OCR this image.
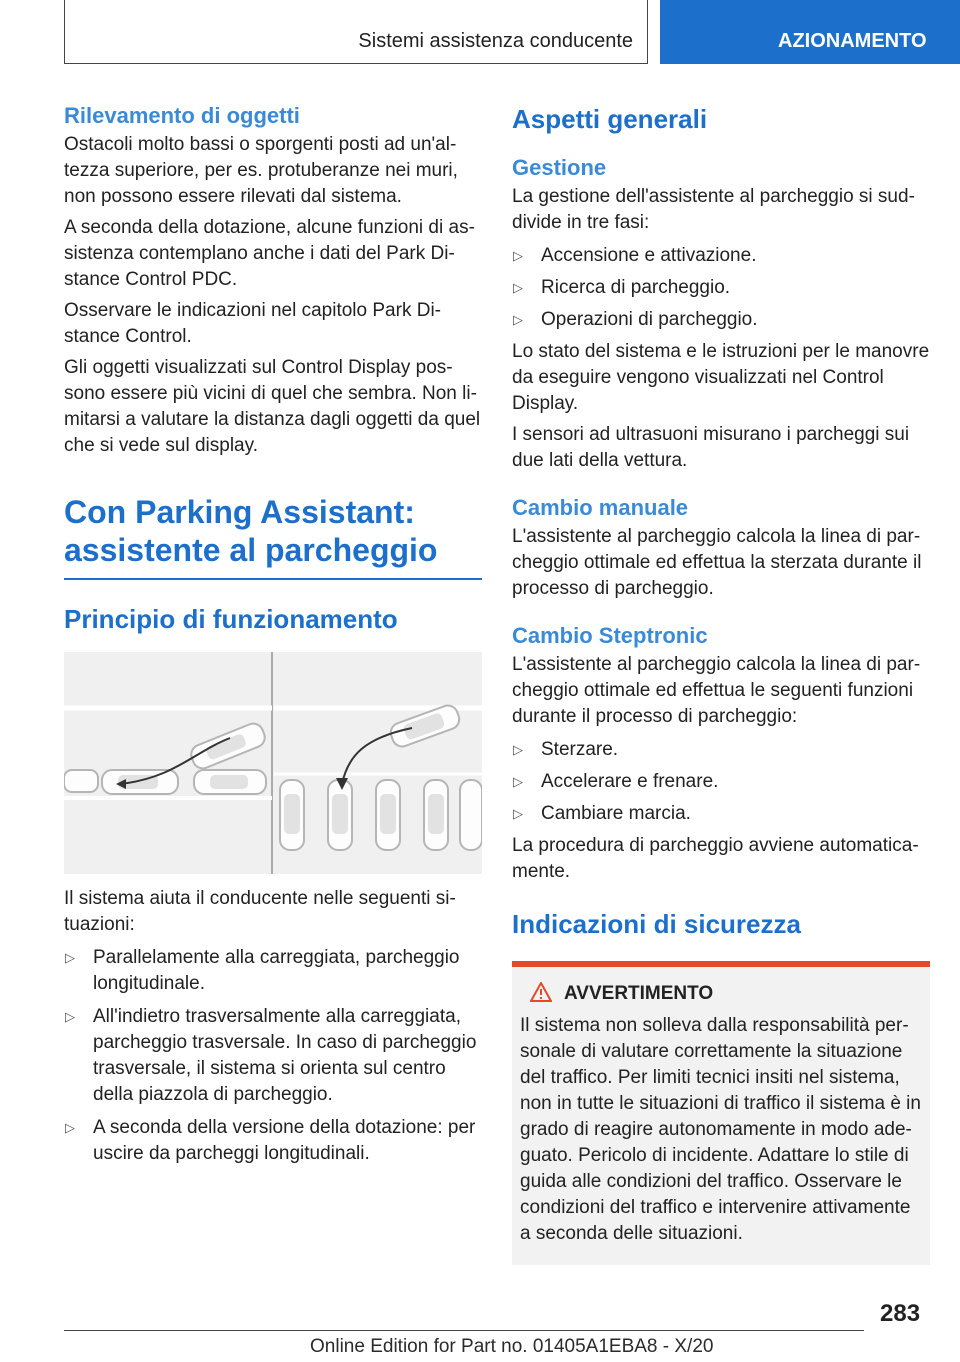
Sistemi assistenza conducente	AZIONAMENTO
Rilevamento di oggetti

Ostacoli molto bassi o sporgenti posti ad un'altezza superiore, per es. protuberanze nei muri, non possono essere rilevati dal sistema.

A seconda della dotazione, alcune funzioni di assistenza contemplano anche i dati del Park Distance Control PDC.

Osservare le indicazioni nel capitolo Park Distance Control.

Gli oggetti visualizzati sul Control Display possono essere più vicini di quel che sembra. Non limitarsi a valutare la distanza dagli oggetti da quel che si vede sul display.

Con Parking Assistant: assistente al parcheggio
Principio di funzionamento

Il sistema aiuta il conducente nelle seguenti situazioni:

▷ Parallelamente alla carreggiata, parcheggio longitudinale.
▷ All'indietro trasversalmente alla carreggiata, parcheggio trasversale. In caso di parcheggio trasversale, il sistema si orienta sul centro della piazzola di parcheggio.
▷ A seconda della versione della dotazione: per uscire da parcheggi longitudinali.
Aspetti generali
Gestione

La gestione dell'assistente al parcheggio si suddivide in tre fasi:

▷ Accensione e attivazione.
▷ Ricerca di parcheggio.
▷ Operazioni di parcheggio.

Lo stato del sistema e le istruzioni per le manovre da eseguire vengono visualizzati nel Control Display.

I sensori ad ultrasuoni misurano i parcheggi sui due lati della vettura.

Cambio manuale

L'assistente al parcheggio calcola la linea di parcheggio ottimale ed effettua la sterzata durante il processo di parcheggio.

Cambio Steptronic

L'assistente al parcheggio calcola la linea di parcheggio ottimale ed effettua le seguenti funzioni durante il processo di parcheggio:

▷ Sterzare.
▷ Accelerare e frenare.
▷ Cambiare marcia.

La procedura di parcheggio avviene automaticamente.

Indicazioni di sicurezza
AVVERTIMENTO

Il sistema non solleva dalla responsabilità personale di valutare correttamente la situazione del traffico. Per limiti tecnici insiti nel sistema, non in tutte le situazioni di traffico il sistema è in grado di reagire autonomamente in modo adeguato. Pericolo di incidente. Adattare lo stile di guida alle condizioni del traffico. Osservare le condizioni del traffico e intervenire attivamente a seconda delle situazioni.

283
Online Edition for Part no. 01405A1EBA8 - X/20
